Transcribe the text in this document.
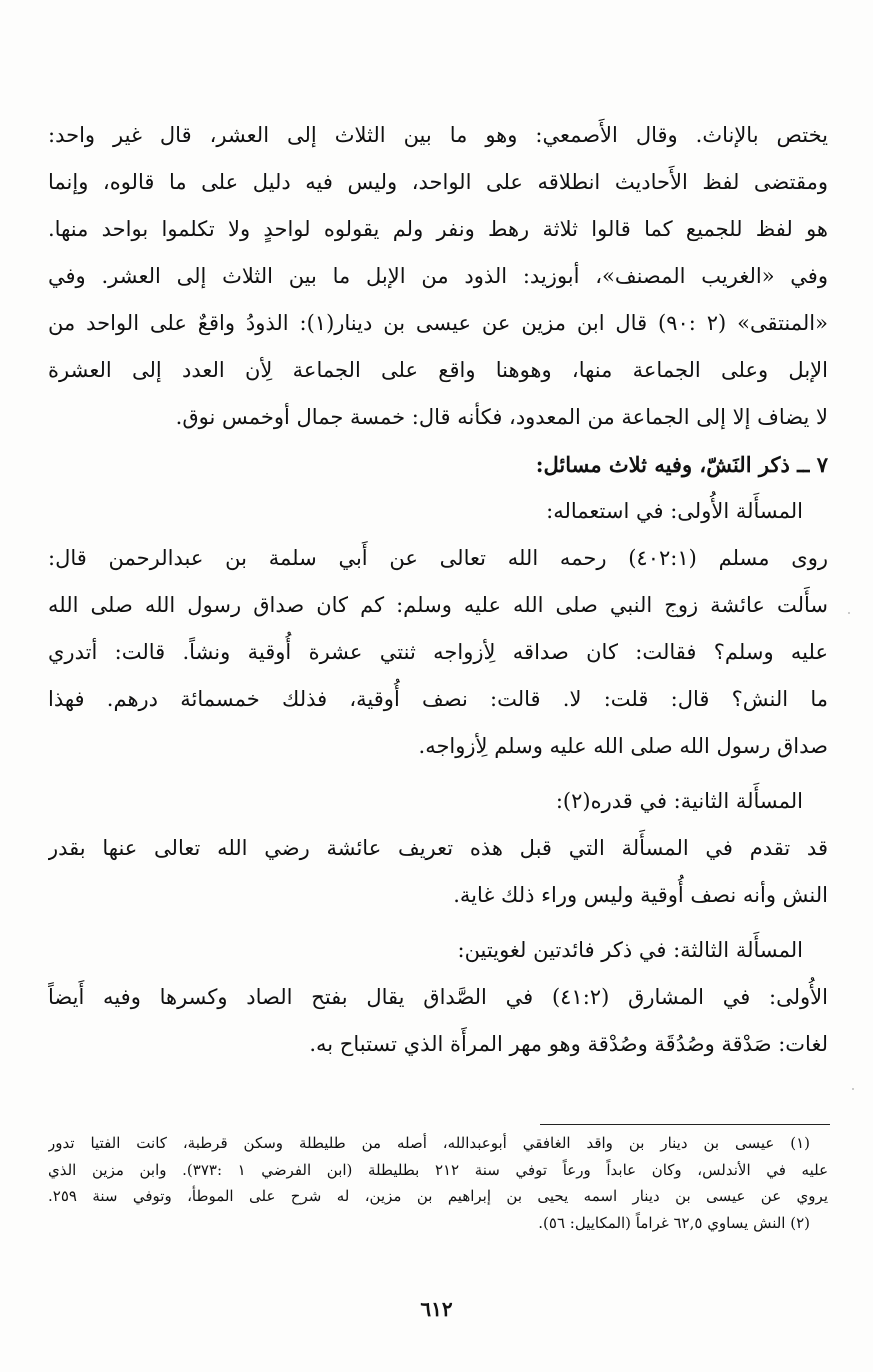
يختص بالإناث. وقال الأَصمعي: وهو ما بين الثلاث إلى العشر، قال غير واحد:
ومقتضى لفظ الأَحاديث انطلاقه على الواحد، وليس فيه دليل على ما قالوه، وإنما
هو لفظ للجميع كما قالوا ثلاثة رهط ونفر ولم يقولوه لواحدٍ ولا تكلموا بواحد منها.
وفي «الغريب المصنف»، أبوزيد: الذود من الإبل ما بين الثلاث إلى العشر. وفي
«المنتقى» (٢ :٩٠) قال ابن مزين عن عيسى بن دينار(١): الذودُ واقعٌ على الواحد من
الإبل وعلى الجماعة منها، وهوهنا واقع على الجماعة لِأن العدد إلى العشرة
لا يضاف إلا إلى الجماعة من المعدود، فكأنه قال: خمسة جمال أوخمس نوق.
٧ ــ ذكر النَشّ، وفيه ثلاث مسائل:
المسأَلة الأُولى: في استعماله:
روى مسلم (٤٠٢:١) رحمه الله تعالى عن أَبي سلمة بن عبدالرحمن قال:
سأَلت عائشة زوج النبي صلى الله عليه وسلم: كم كان صداق رسول الله صلى الله
عليه وسلم؟ فقالت: كان صداقه لِأزواجه ثنتي عشرة أُوقية ونشاً. قالت: أتدري
ما النش؟ قال: قلت: لا. قالت: نصف أُوقية، فذلك خمسمائة درهم. فهذا
صداق رسول الله صلى الله عليه وسلم لِأزواجه.
المسأَلة الثانية: في قدره(٢):
قد تقدم في المسأَلة التي قبل هذه تعريف عائشة رضي الله تعالى عنها بقدر
النش وأنه نصف أُوقية وليس وراء ذلك غاية.
المسأَلة الثالثة: في ذكر فائدتين لغويتين:
الأُولى: في المشارق (٤١:٢) في الصَّداق يقال بفتح الصاد وكسرها وفيه أَيضاً
لغات: صَدْقة وصُدُقَة وصُدْقة وهو مهر المرأَة الذي تستباح به.
(١) عيسى بن دينار بن واقد الغافقي أبوعبدالله، أصله من طليطلة وسكن قرطبة، كانت الفتيا تدور
عليه في الأندلس، وكان عابداً ورعاً توفي سنة ٢١٢ بطليطلة (ابن الفرضي ١ :٣٧٣). وابن مزين الذي
يروي عن عيسى بن دينار اسمه يحيى بن إبراهيم بن مزين، له شرح على الموطأ، وتوفي سنة ٢٥٩.
(٢) النش يساوي ٦٢,٥ غراماً (المكاييل: ٥٦).
٦١٢
